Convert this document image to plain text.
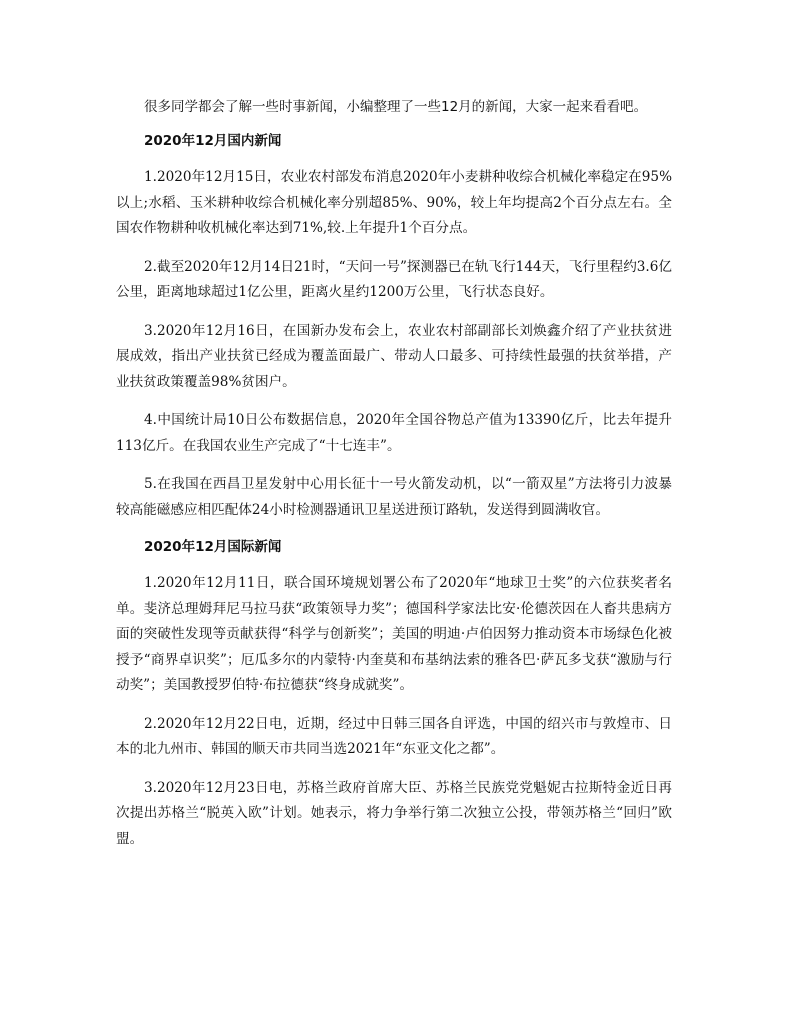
很多同学都会了解一些时事新闻，小编整理了一些12月的新闻，大家一起来看看吧。

2020年12月国内新闻

1.2020年12月15日，农业农村部发布消息2020年小麦耕种收综合机械化率稳定在95%以上;水稻、玉米耕种收综合机械化率分别超85%、90%，较上年均提高2个百分点左右。全国农作物耕种收机械化率达到71%,较.上年提升1个百分点。

2.截至2020年12月14日21时，“天问一号”探测器已在轨飞行144天，飞行里程约3.6亿公里，距离地球超过1亿公里，距离火星约1200万公里，飞行状态良好。

3.2020年12月16日，在国新办发布会上，农业农村部副部长刘焕鑫介绍了产业扶贫进展成效，指出产业扶贫已经成为覆盖面最广、带动人口最多、可持续性最强的扶贫举措，产业扶贫政策覆盖98%贫困户。

4.中国统计局10日公布数据信息，2020年全国谷物总产值为13390亿斤，比去年提升113亿斤。在我国农业生产完成了“十七连丰”。

5.在我国在西昌卫星发射中心用长征十一号火箭发动机，以“一箭双星”方法将引力波暴较高能磁感应相匹配体24小时检测器通讯卫星送进预订路轨，发送得到圆满收官。

2020年12月国际新闻

1.2020年12月11日，联合国环境规划署公布了2020年“地球卫士奖”的六位获奖者名单。斐济总理姆拜尼马拉马获“政策领导力奖”；德国科学家法比安·伦德茨因在人畜共患病方面的突破性发现等贡献获得“科学与创新奖”；美国的明迪·卢伯因努力推动资本市场绿色化被授予“商界卓识奖”；厄瓜多尔的内蒙特·内奎莫和布基纳法索的雅各巴·萨瓦多戈获“激励与行动奖”；美国教授罗伯特·布拉德获“终身成就奖”。

2.2020年12月22日电，近期，经过中日韩三国各自评选，中国的绍兴市与敦煌市、日本的北九州市、韩国的顺天市共同当选2021年“东亚文化之都”。

3.2020年12月23日电，苏格兰政府首席大臣、苏格兰民族党党魁妮古拉斯特金近日再次提出苏格兰“脱英入欧”计划。她表示，将力争举行第二次独立公投，带领苏格兰“回归”欧盟。
